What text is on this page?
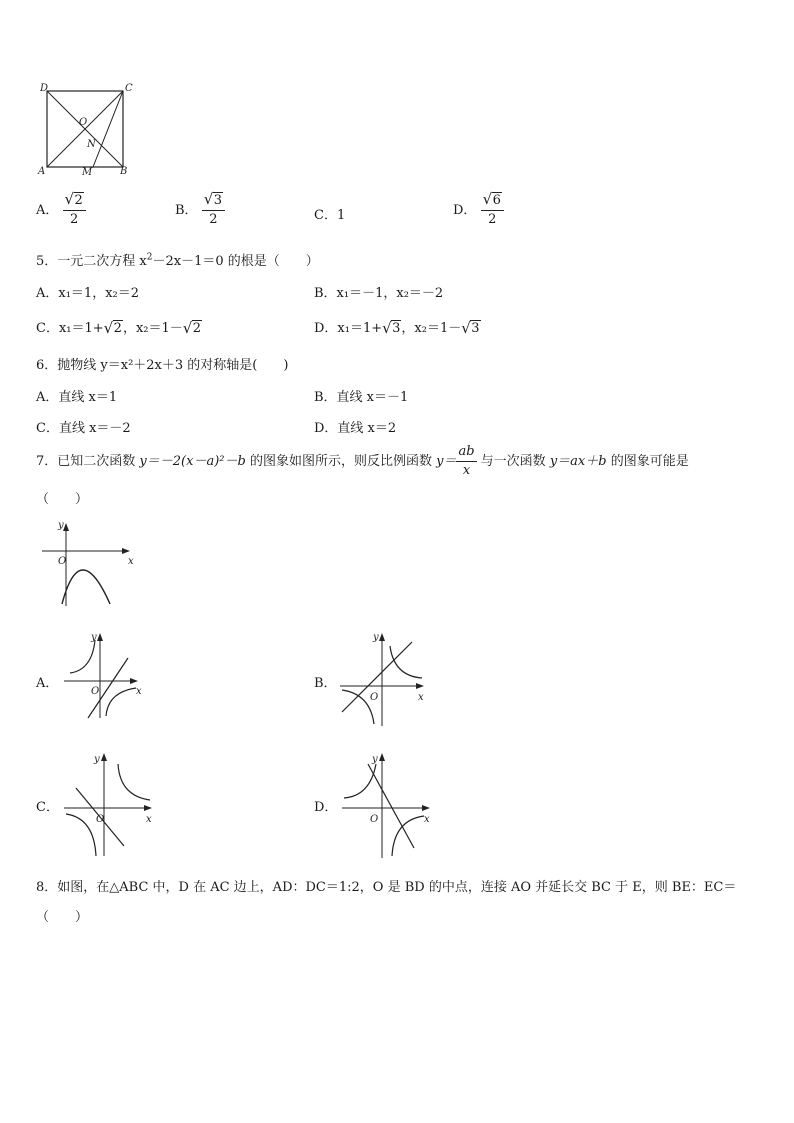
D	C
O
N
A	M	B
A． $\frac{√ 2}{2}$	B． $\frac{√ 3}{2}$	C．1	D． $\frac{√ 6}{2}$
5．一元二次方程 $x^2-2x-1=0$ 的根是（　　）
A．x₁＝1，x₂＝2	B．x₁＝－1，x₂＝－2
C．x₁＝1+ √ 2，x₂＝1－ √ 2	D．x₁＝1+ √ 3，x₂＝1－ √ 3
6．抛物线 y＝x²＋2x＋3 的对称轴是(　　)
A．直线 x＝1	B．直线 x＝－1
C．直线 x＝－2	D．直线 x＝2
7．已知二次函数 y＝－2(x－a)²－b 的图象如图所示，则反比例函数 $y= \frac{ab}{x}$ 与一次函数 y＝ax＋b 的图象可能是
（　　）
y
x
O
A．
y
x
O
B．
y
x
O
C．
y
x
O
D．
y
x
O
8．如图，在△ABC 中，D 在 AC 边上，AD：DC＝1:2，O 是 BD 的中点，连接 AO 并延长交 BC 于 E，则 BE：EC＝
（　　）
